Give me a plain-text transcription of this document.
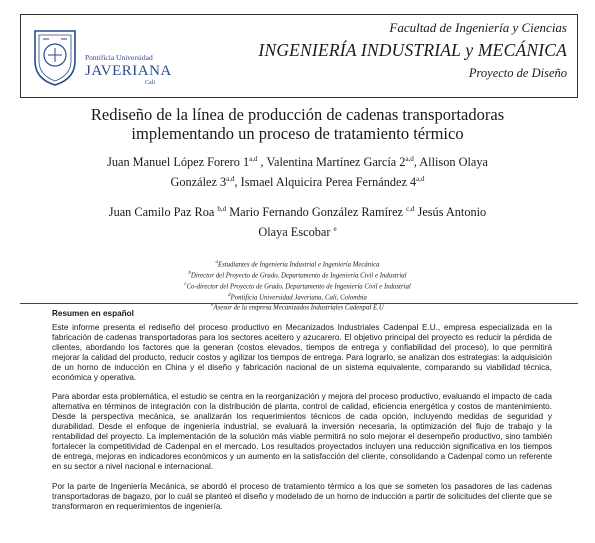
Pontificia Universidad
JAVERIANA
Cali
Facultad de Ingeniería y Ciencias
INGENIERÍA INDUSTRIAL y MECÁNICA
Proyecto de Diseño
Rediseño de la línea de producción de cadenas transportadoras
implementando un proceso de tratamiento térmico
Juan Manuel López Forero 1$^{a,d}$ , Valentina Martínez García 2$^{a,d}$, Allison Olaya
González 3$^{a,d}$, Ismael Alquicira Perea Fernández 4$^{a,d}$
Juan Camilo Paz Roa $^{b,d}$ Mario Fernando González Ramírez $^{c,d}$ Jesús Antonio
Olaya Escobar $^e$
$^a$Estudiantes de Ingeniería Industrial e Ingeniería Mecánica
$^b$Director del Proyecto de Grado, Departamento de Ingeniería Civil e Industrial
$^c$Co-director del Proyecto de Grado, Departamento de Ingeniería Civil e Industrial
$^d$Pontificia Universidad Javeriana, Cali, Colombia
$^e$Asesor de la empresa Mecanizados Industriales Cadenpal E.U
Resumen en español

Este informe presenta el rediseño del proceso productivo en Mecanizados Industriales Cadenpal E.U., empresa especializada en la fabricación de cadenas transportadoras para los sectores aceitero y azucarero. El objetivo principal del proyecto es reducir la pérdida de clientes, abordando los factores que la generan (costos elevados, tiempos de entrega y confiabilidad del proceso), lo que permitirá mejorar la calidad del producto, reducir costos y agilizar los tiempos de entrega. Para lograrlo, se analizan dos estrategias: la adquisición de un horno de inducción en China y el diseño y fabricación nacional de un sistema equivalente, comparando su viabilidad técnica, económica y operativa.

Para abordar esta problemática, el estudio se centra en la reorganización y mejora del proceso productivo, evaluando el impacto de cada alternativa en términos de integración con la distribución de planta, control de calidad, eficiencia energética y costos de mantenimiento. Desde la perspectiva mecánica, se analizarán los requerimientos técnicos de cada opción, incluyendo medidas de seguridad y durabilidad. Desde el enfoque de ingeniería industrial, se evaluará la inversión necesaria, la optimización del flujo de trabajo y la rentabilidad del proyecto. La implementación de la solución más viable permitirá no solo mejorar el desempeño productivo, sino también fortalecer la competitividad de Cadenpal en el mercado. Los resultados proyectados incluyen una reducción significativa en los tiempos de entrega, mejoras en indicadores económicos y un aumento en la satisfacción del cliente, consolidando a Cadenpal como un referente en su sector a nivel nacional e internacional.

Por la parte de Ingeniería Mecánica, se abordó el proceso de tratamiento térmico a los que se someten los pasadores de las cadenas transportadoras de bagazo, por lo cuál se planteó el diseño y modelado de un horno de inducción a partir de solicitudes del cliente que se transformaron en requerimientos de ingeniería.
